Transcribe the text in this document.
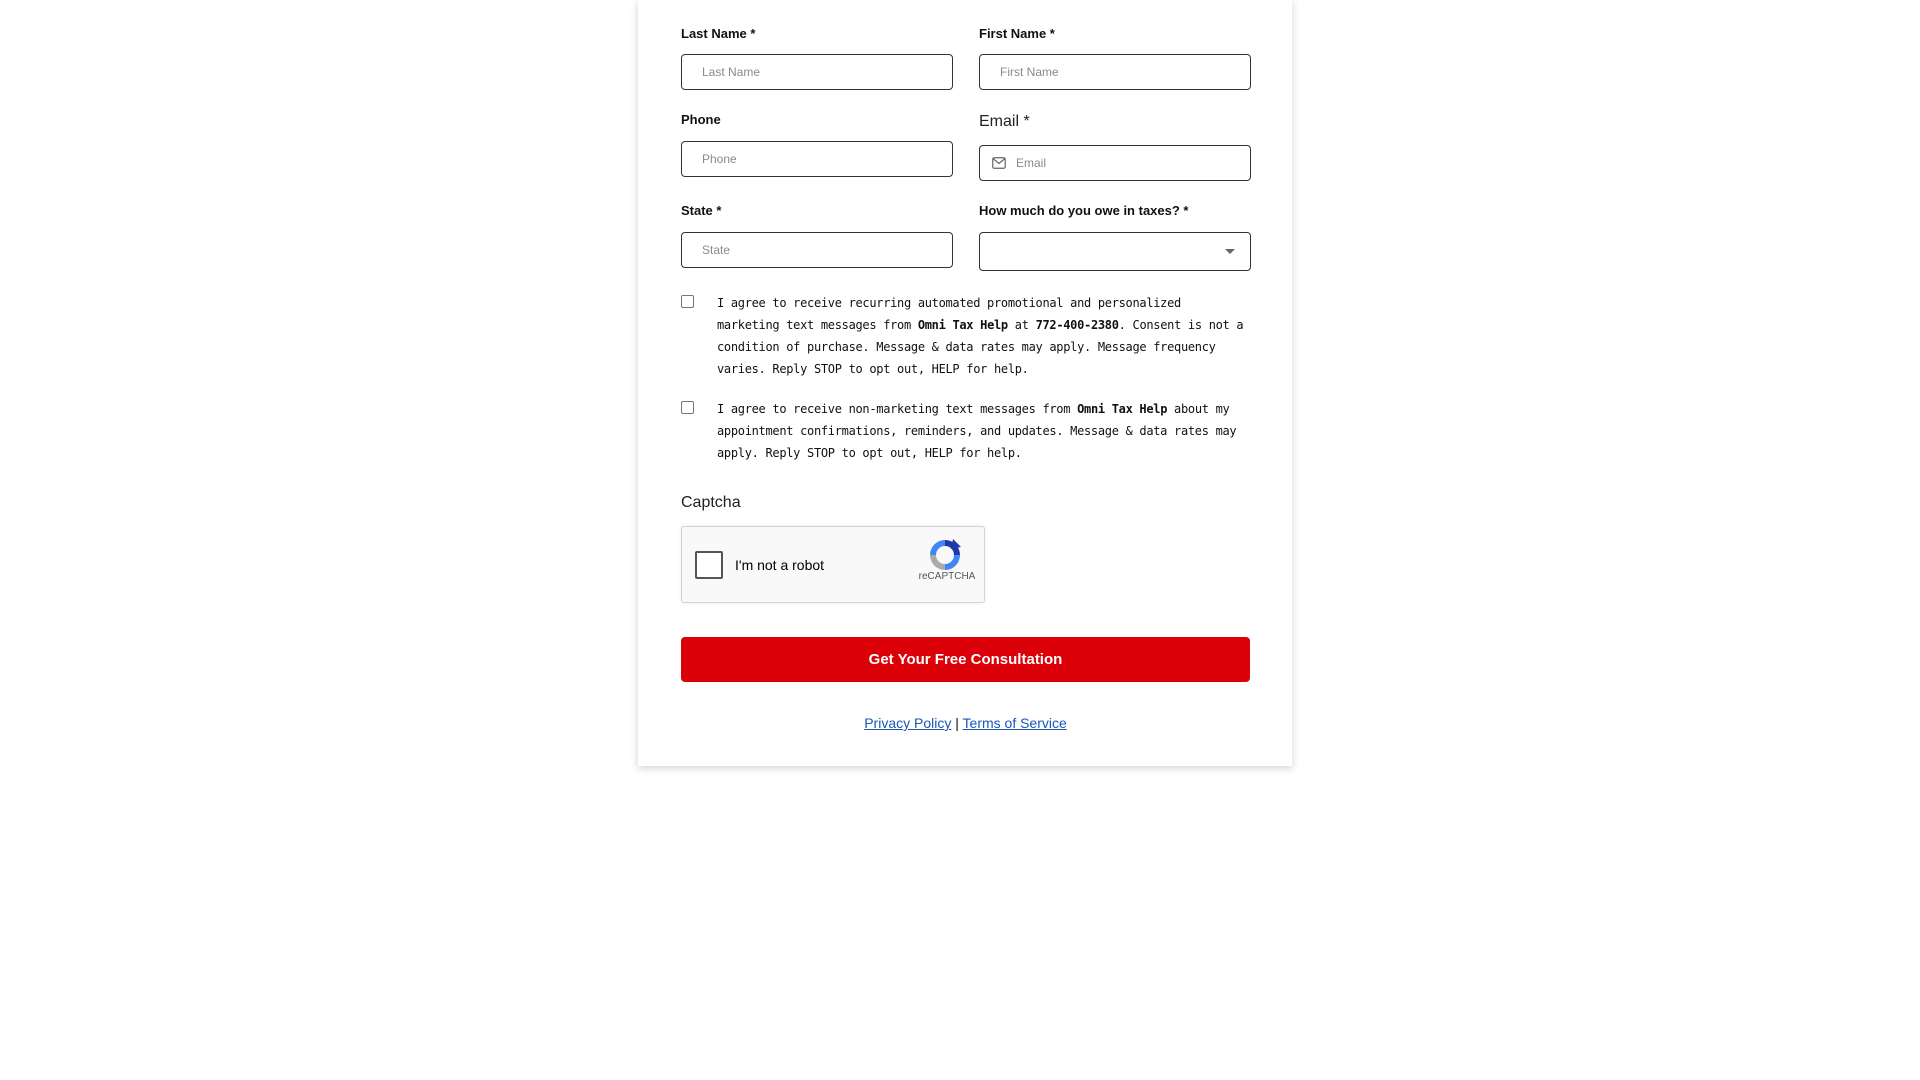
Last Name *
Last Name
First Name *
First Name
Phone
Phone
Email *
Email
State *
State
How much do you owe in taxes? *
I agree to receive recurring automated promotional and personalized marketing text messages from Omni Tax Help at 772-400-2380. Consent is not a condition of purchase. Message & data rates may apply. Message frequency varies. Reply STOP to opt out, HELP for help.
I agree to receive non-marketing text messages from Omni Tax Help about my appointment confirmations, reminders, and updates. Message & data rates may apply. Reply STOP to opt out, HELP for help.
Captcha
I'm not a robot
reCAPTCHA
Get Your Free Consultation
Privacy Policy | Terms of Service
